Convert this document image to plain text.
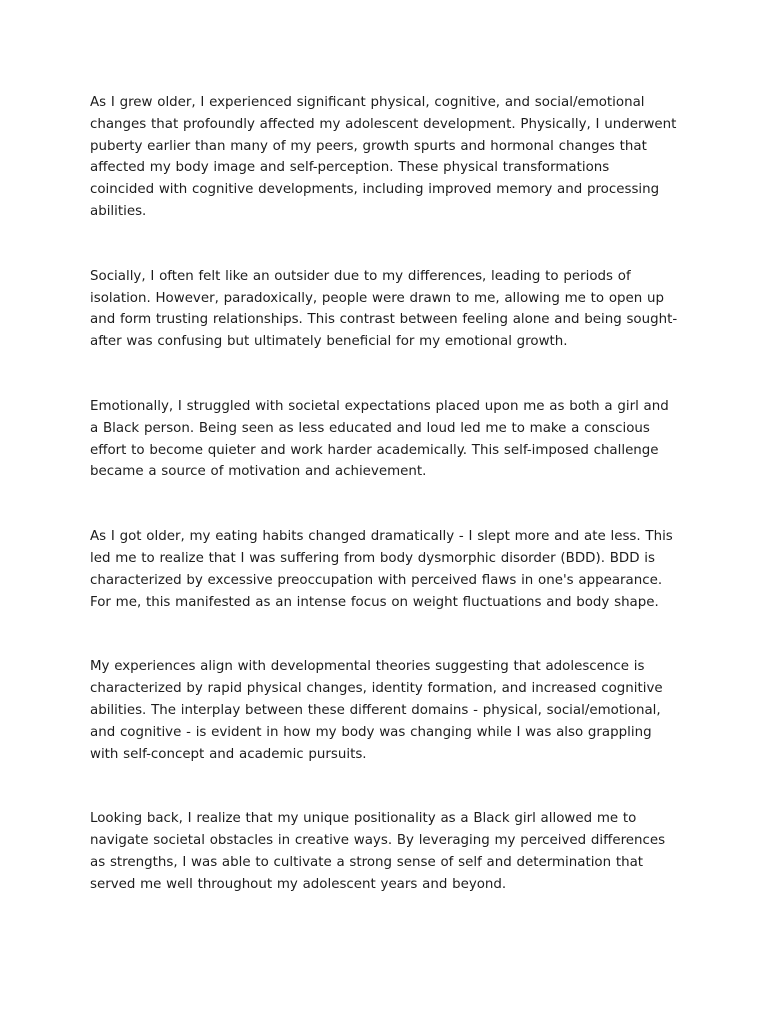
As I grew older, I experienced significant physical, cognitive, and social/emotional
changes that profoundly affected my adolescent development. Physically, I underwent
puberty earlier than many of my peers, growth spurts and hormonal changes that
affected my body image and self-perception. These physical transformations
coincided with cognitive developments, including improved memory and processing
abilities.

Socially, I often felt like an outsider due to my differences, leading to periods of
isolation. However, paradoxically, people were drawn to me, allowing me to open up
and form trusting relationships. This contrast between feeling alone and being sought-
after was confusing but ultimately beneficial for my emotional growth.

Emotionally, I struggled with societal expectations placed upon me as both a girl and
a Black person. Being seen as less educated and loud led me to make a conscious
effort to become quieter and work harder academically. This self-imposed challenge
became a source of motivation and achievement.

As I got older, my eating habits changed dramatically - I slept more and ate less. This
led me to realize that I was suffering from body dysmorphic disorder (BDD). BDD is
characterized by excessive preoccupation with perceived flaws in one's appearance.
For me, this manifested as an intense focus on weight fluctuations and body shape.

My experiences align with developmental theories suggesting that adolescence is
characterized by rapid physical changes, identity formation, and increased cognitive
abilities. The interplay between these different domains - physical, social/emotional,
and cognitive - is evident in how my body was changing while I was also grappling
with self-concept and academic pursuits.

Looking back, I realize that my unique positionality as a Black girl allowed me to
navigate societal obstacles in creative ways. By leveraging my perceived differences
as strengths, I was able to cultivate a strong sense of self and determination that
served me well throughout my adolescent years and beyond.
